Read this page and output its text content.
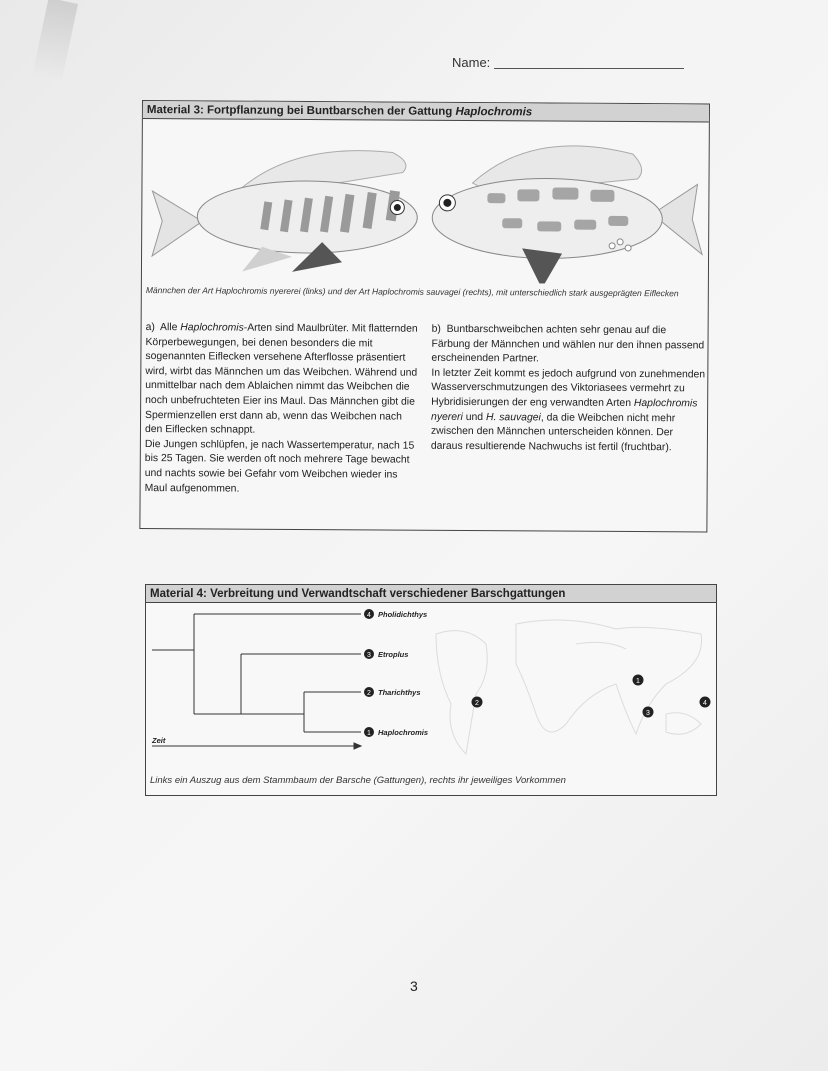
Name:
Material 3: Fortpflanzung bei Buntbarschen der Gattung Haplochromis
Männchen der Art Haplochromis nyererei (links) und der Art Haplochromis sauvagei (rechts), mit unterschiedlich stark ausgeprägten Eiflecken

a) Alle Haplochromis-Arten sind Maulbrüter. Mit flatternden Körperbewegungen, bei denen besonders die mit sogenannten Eiflecken versehene Afterflosse präsentiert wird, wirbt das Männchen um das Weibchen. Während und unmittelbar nach dem Ablaichen nimmt das Weibchen die noch unbefruchteten Eier ins Maul. Das Männchen gibt die Spermienzellen erst dann ab, wenn das Weibchen nach den Eiflecken schnappt.

Die Jungen schlüpfen, je nach Wassertemperatur, nach 15 bis 25 Tagen. Sie werden oft noch mehrere Tage bewacht und nachts sowie bei Gefahr vom Weibchen wieder ins Maul aufgenommen.

b) Buntbarschweibchen achten sehr genau auf die Färbung der Männchen und wählen nur den ihnen passend erscheinenden Partner.

In letzter Zeit kommt es jedoch aufgrund von zunehmenden Wasserverschmutzungen des Viktoriasees vermehrt zu Hybridisierungen der eng verwandten Arten Haplochromis nyereri und H. sauvagei, da die Weibchen nicht mehr zwischen den Männchen unterscheiden können. Der daraus resultierende Nachwuchs ist fertil (fruchtbar).

Material 4: Verbreitung und Verwandtschaft verschiedener Barschgattungen
4 Pholidichthys
3 Etroplus
2 Tharichthys
1 Haplochromis
Zeit
1
2
3
4
Links ein Auszug aus dem Stammbaum der Barsche (Gattungen), rechts ihr jeweiliges Vorkommen
3
